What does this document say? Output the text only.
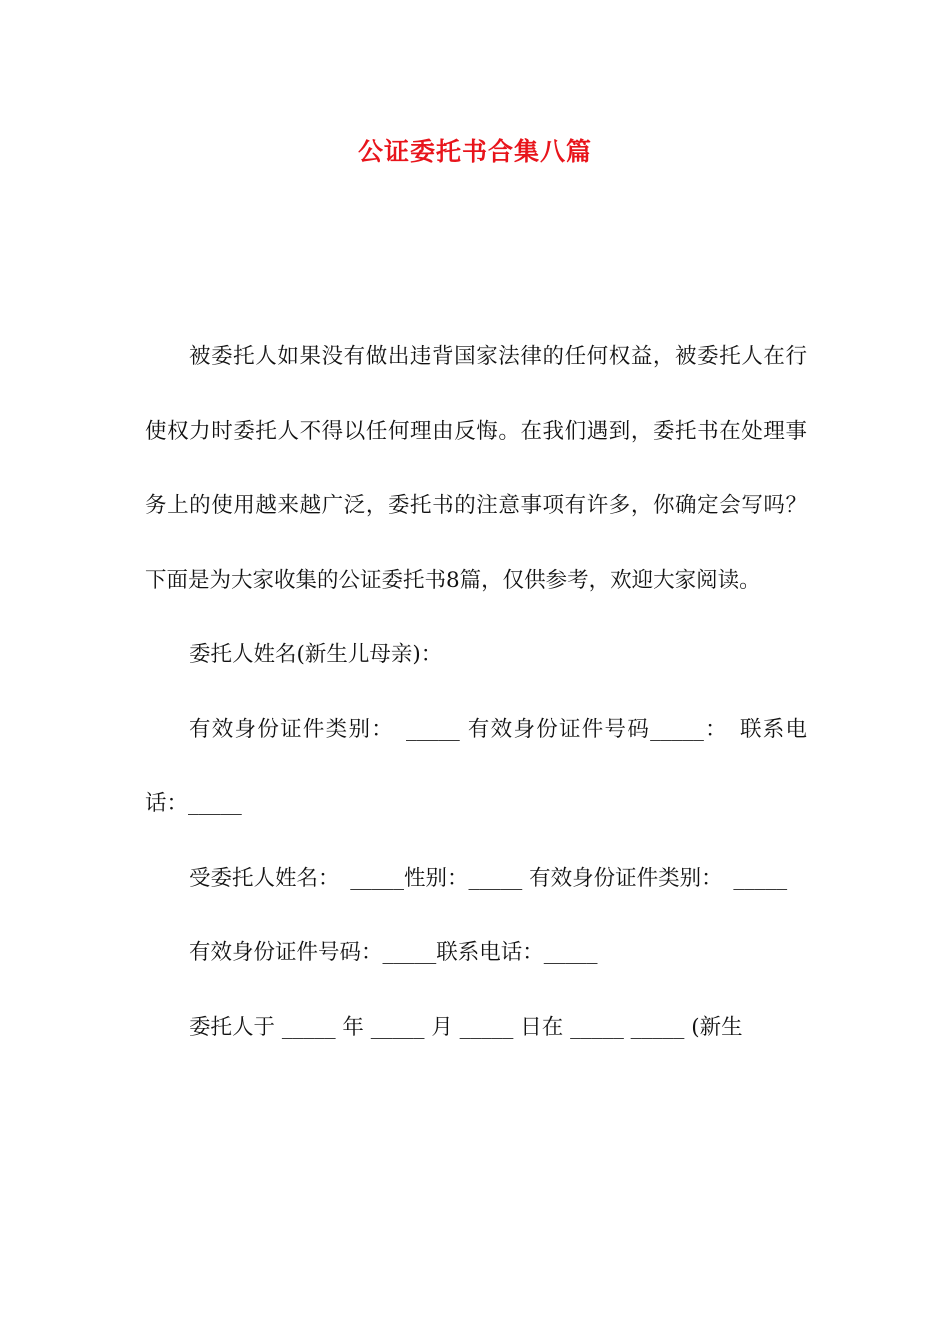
公证委托书合集八篇

被委托人如果没有做出违背国家法律的任何权益，被委托人在行使权力时委托人不得以任何理由反悔。在我们遇到，委托书在处理事务上的使用越来越广泛，委托书的注意事项有许多，你确定会写吗？下面是为大家收集的公证委托书8篇，仅供参考，欢迎大家阅读。

委托人姓名(新生儿母亲)：

有效身份证件类别：　_____ 有效身份证件号码_____：　联系电话：_____

受委托人姓名：　_____性别：_____ 有效身份证件类别：　_____

有效身份证件号码：_____联系电话：_____

委托人于 _____ 年 _____ 月 _____ 日在 _____ _____ (新生
